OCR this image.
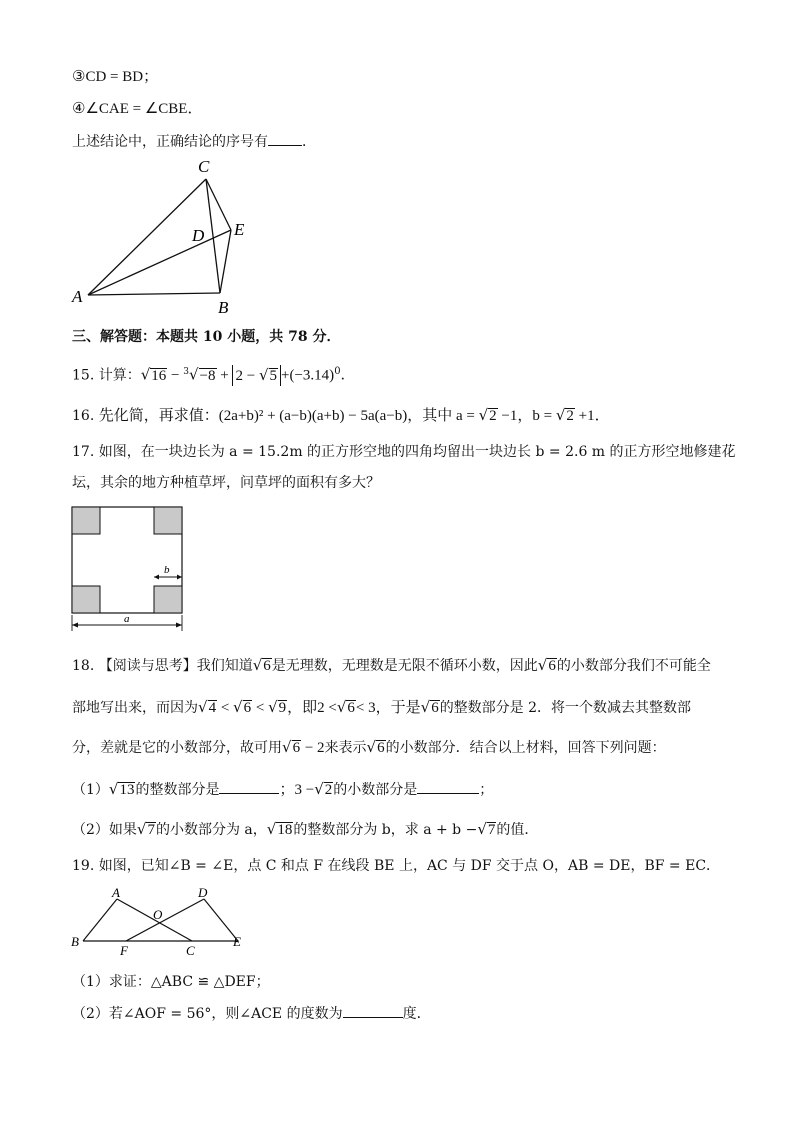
③CD = BD；
④∠CAE = ∠CBE．
上述结论中，正确结论的序号有 ．
A
B
C
D E
三、解答题：本题共 10 小题，共 78 分．
15. 计算：$√16 - ^3√-8 + 2 - √5 +(-3.14)^0$．
16. 先化简，再求值：(2a+b)² + (a−b)(a+b) − 5a(a−b)，其中 a = √2 −1，b = √2 +1．
17. 如图，在一块边长为 a = 15.2m 的正方形空地的四角均留出一块边长 b = 2.6 m 的正方形空地修建花
坛，其余的地方种植草坪，问草坪的面积有多大？
b
a
18. 【阅读与思考】我们知道√6是无理数，无理数是无限不循环小数，因此√6的小数部分我们不可能全
部地写出来，而因为√4 < √6 < √9，即2 <√6< 3，于是√6的整数部分是 2．将一个数减去其整数部
分，差就是它的小数部分，故可用√6 − 2来表示√6的小数部分．结合以上材料，回答下列问题：
（1）√13的整数部分是	；3 −√2的小数部分是	；
（2）如果√7的小数部分为 a，√18的整数部分为 b，求 a + b −√7的值．
19. 如图，已知∠B = ∠E，点 C 和点 F 在线段 BE 上，AC 与 DF 交于点 O，AB = DE，BF = EC．
A
B
C
D
E
F
O
（1）求证：△ABC ≌ △DEF；
（2）若∠AOF = 56°，则∠ACE 的度数为	度．
